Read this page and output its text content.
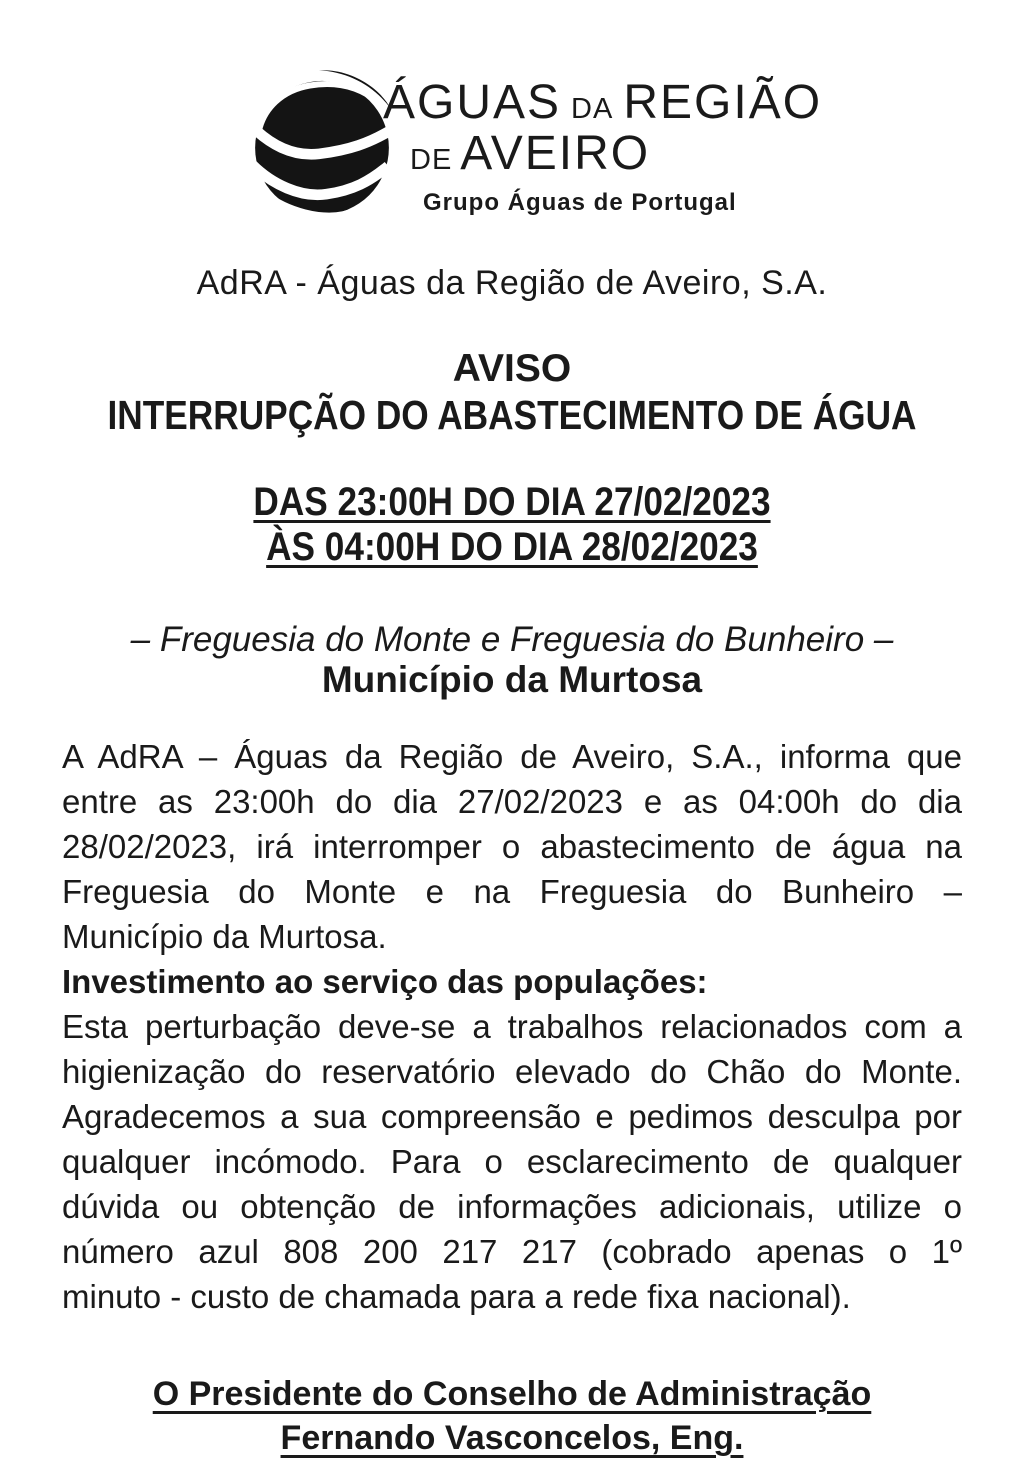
ÁGUAS DA REGIÃO
DE AVEIRO
Grupo Águas de Portugal
AdRA - Águas da Região de Aveiro, S.A.
AVISO
INTERRUPÇÃO DO ABASTECIMENTO DE ÁGUA
DAS 23:00H DO DIA 27/02/2023
ÀS 04:00H DO DIA 28/02/2023
– Freguesia do Monte e Freguesia do Bunheiro –
Município da Murtosa
A AdRA – Águas da Região de Aveiro, S.A., informa que
entre as 23:00h do dia 27/02/2023 e as 04:00h do dia
28/02/2023, irá interromper o abastecimento de água na
Freguesia do Monte e na Freguesia do Bunheiro –
Município da Murtosa.
Investimento ao serviço das populações:
Esta perturbação deve-se a trabalhos relacionados com a
higienização do reservatório elevado do Chão do Monte.
Agradecemos a sua compreensão e pedimos desculpa por
qualquer incómodo. Para o esclarecimento de qualquer
dúvida ou obtenção de informações adicionais, utilize o
número azul 808 200 217 217 (cobrado apenas o 1º
minuto - custo de chamada para a rede fixa nacional).
O Presidente do Conselho de Administração
Fernando Vasconcelos, Eng.
